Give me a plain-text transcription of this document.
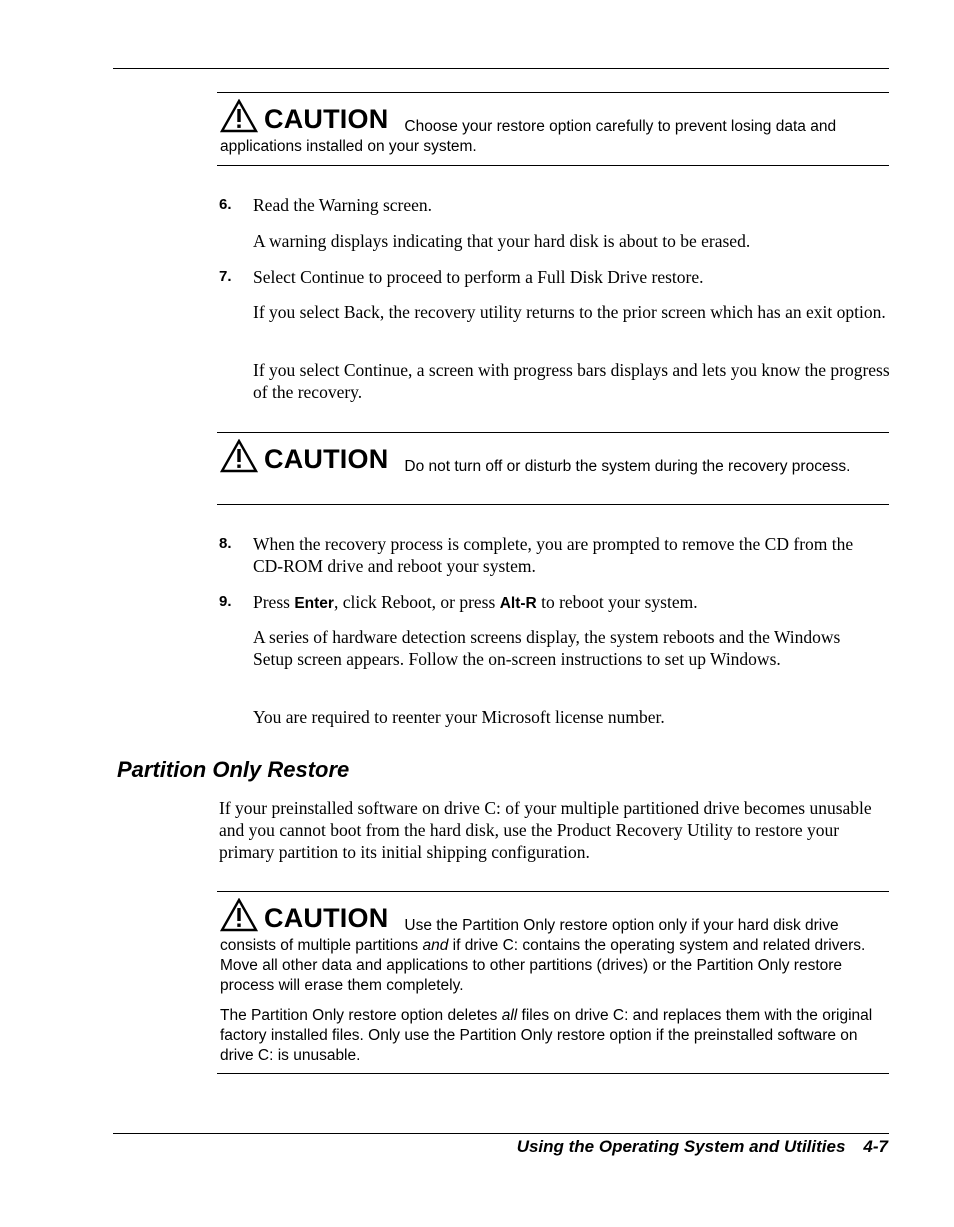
CAUTION Choose your restore option carefully to prevent losing data and applications installed on your system.
6. Read the Warning screen.
A warning displays indicating that your hard disk is about to be erased.
7. Select Continue to proceed to perform a Full Disk Drive restore.
If you select Back, the recovery utility returns to the prior screen which has an exit option.
If you select Continue, a screen with progress bars displays and lets you know the progress of the recovery.
CAUTION Do not turn off or disturb the system during the recovery process.
8. When the recovery process is complete, you are prompted to remove the CD from the CD-ROM drive and reboot your system.
9. Press Enter, click Reboot, or press Alt-R to reboot your system.
A series of hardware detection screens display, the system reboots and the Windows Setup screen appears. Follow the on-screen instructions to set up Windows.
You are required to reenter your Microsoft license number.
Partition Only Restore
If your preinstalled software on drive C: of your multiple partitioned drive becomes unusable and you cannot boot from the hard disk, use the Product Recovery Utility to restore your primary partition to its initial shipping configuration.
CAUTION Use the Partition Only restore option only if your hard disk drive consists of multiple partitions and if drive C: contains the operating system and related drivers. Move all other data and applications to other partitions (drives) or the Partition Only restore process will erase them completely.
The Partition Only restore option deletes all files on drive C: and replaces them with the original factory installed files. Only use the Partition Only restore option if the preinstalled software on drive C: is unusable.
Using the Operating System and Utilities 4-7
